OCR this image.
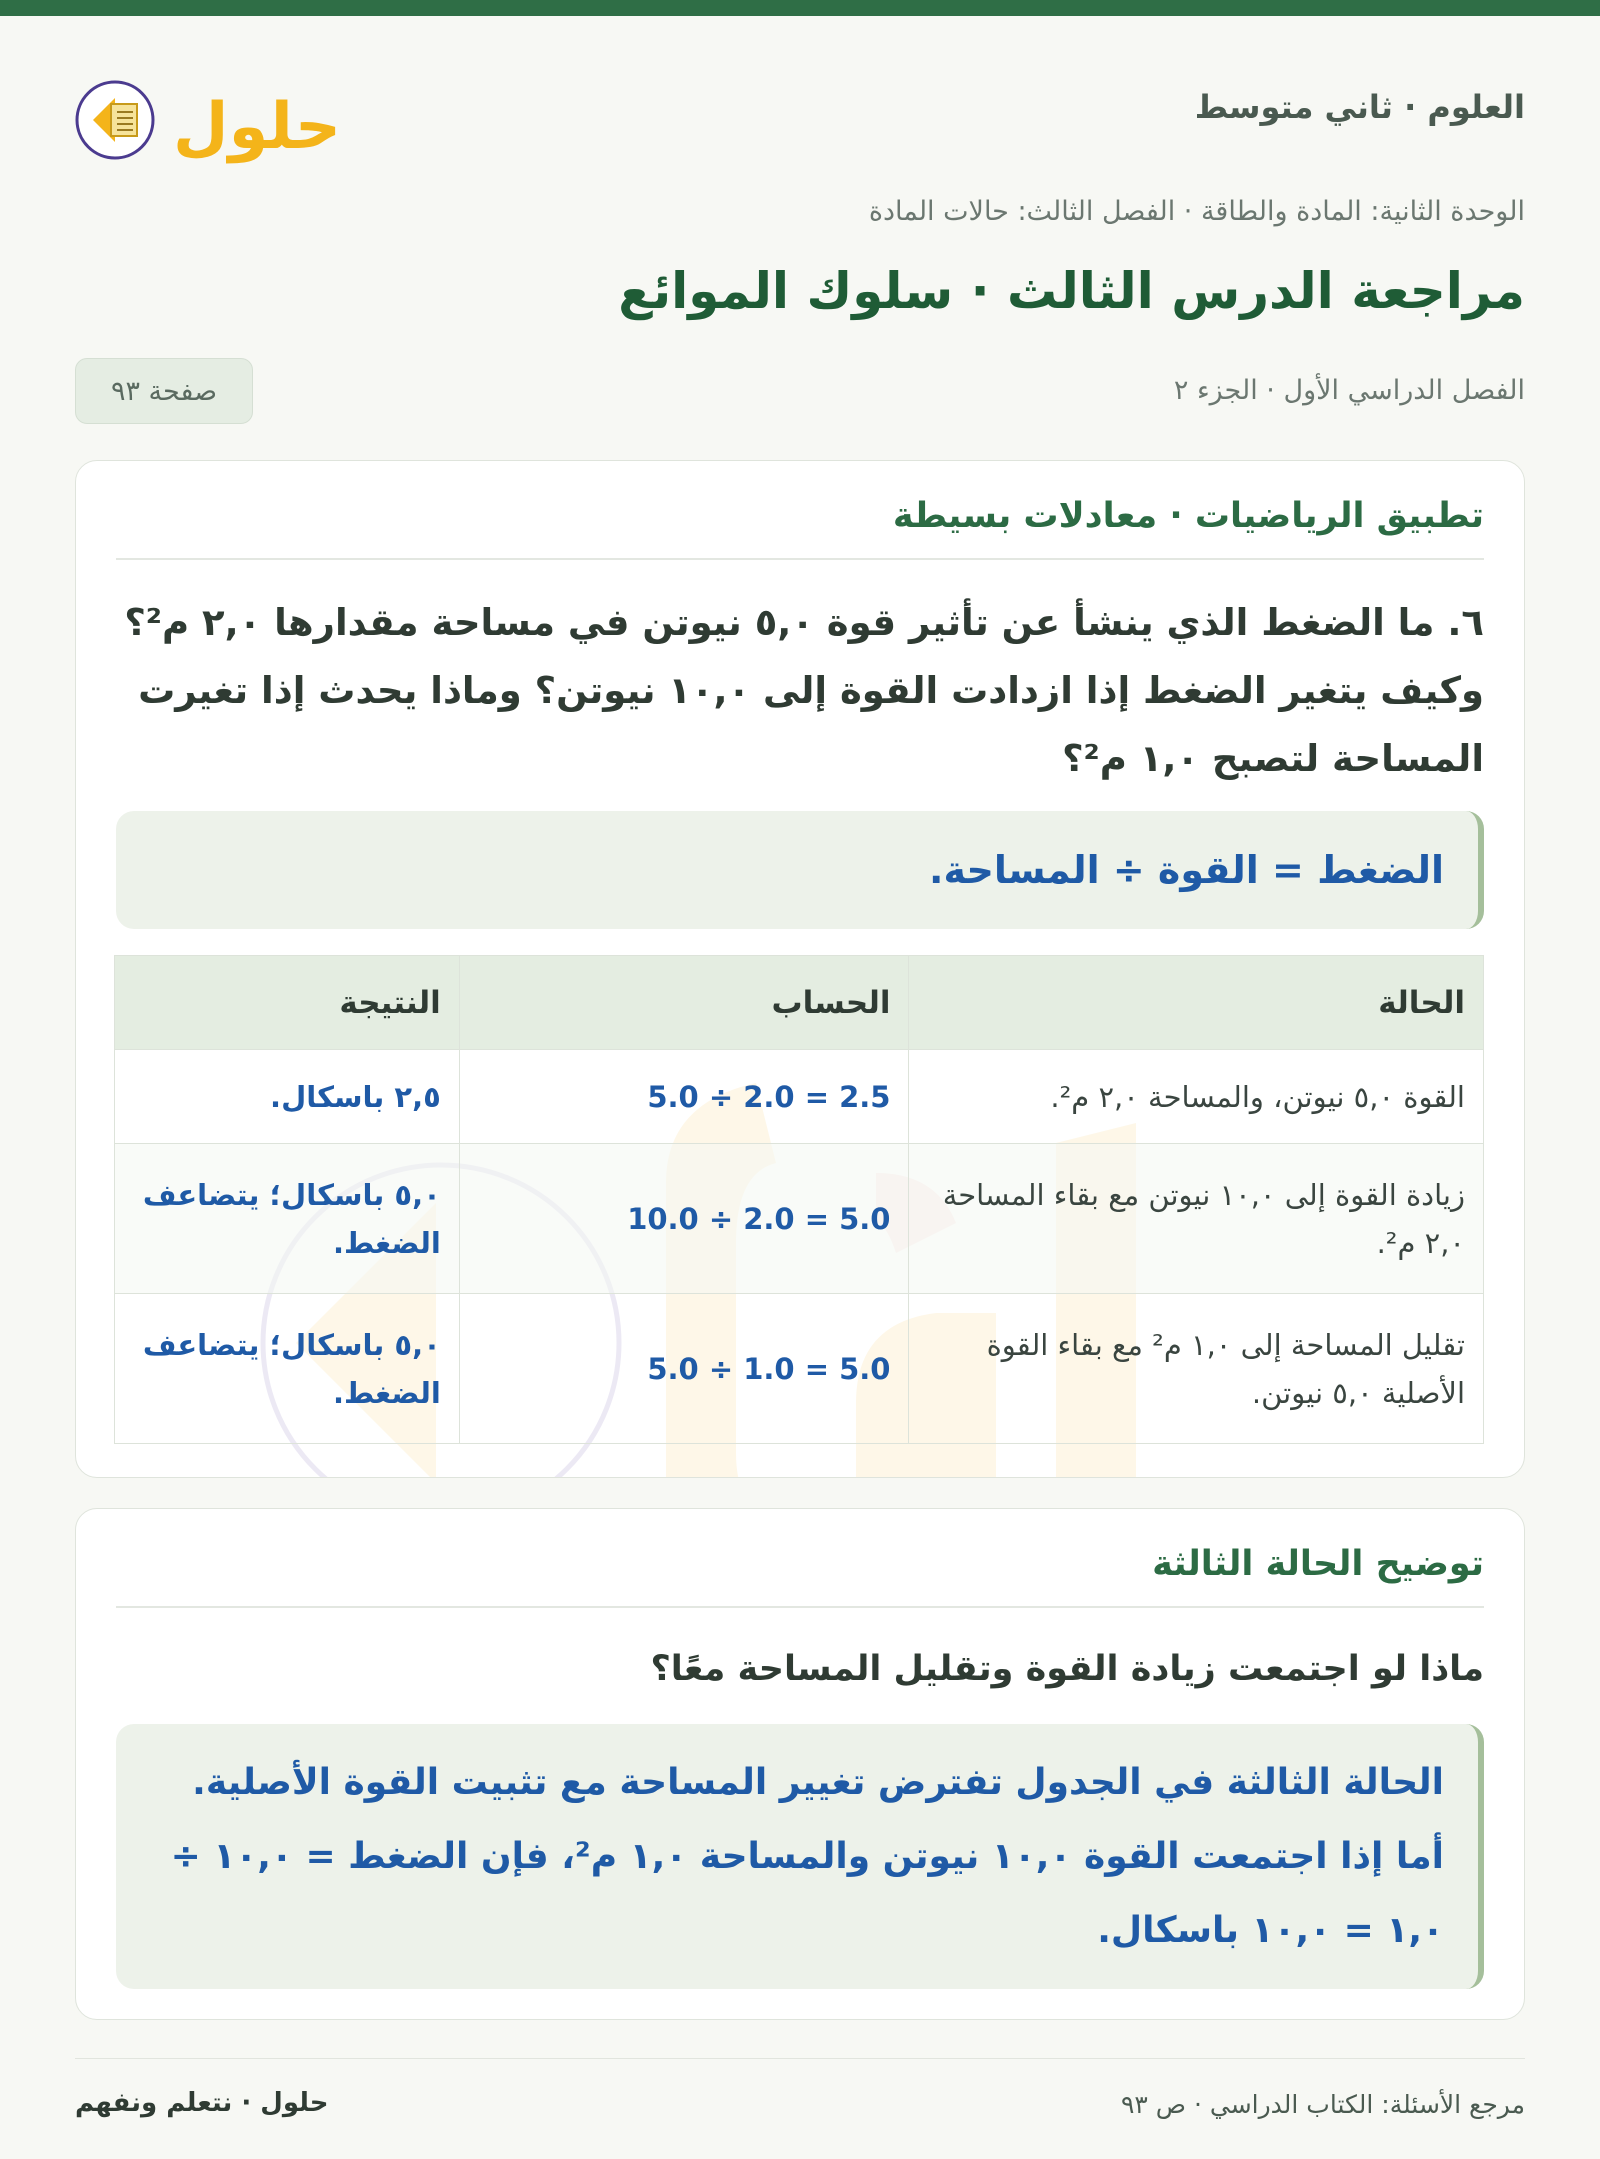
العلوم · ثاني متوسط
حلول
الوحدة الثانية: المادة والطاقة · الفصل الثالث: حالات المادة
مراجعة الدرس الثالث · سلوك الموائع
الفصل الدراسي الأول · الجزء ٢
صفحة ٩٣
تطبيق الرياضيات · معادلات بسيطة
٦. ما الضغط الذي ينشأ عن تأثير قوة ٥,٠ نيوتن في مساحة مقدارها ٢,٠ م²؟ وكيف يتغير الضغط إذا ازدادت القوة إلى ١٠,٠ نيوتن؟ وماذا يحدث إذا تغيرت المساحة لتصبح ١,٠ م²؟
الضغط = القوة ÷ المساحة.
الحالة	الحساب	النتيجة
القوة ٥,٠ نيوتن، والمساحة ٢,٠ م².	5.0 ÷ 2.0 = 2.5	٢,٥ باسكال.
زيادة القوة إلى ١٠,٠ نيوتن مع بقاء المساحة ٢,٠ م².	10.0 ÷ 2.0 = 5.0	٥,٠ باسكال؛ يتضاعف الضغط.
تقليل المساحة إلى ١,٠ م² مع بقاء القوة الأصلية ٥,٠ نيوتن.	5.0 ÷ 1.0 = 5.0	٥,٠ باسكال؛ يتضاعف الضغط.
توضيح الحالة الثالثة
ماذا لو اجتمعت زيادة القوة وتقليل المساحة معًا؟
الحالة الثالثة في الجدول تفترض تغيير المساحة مع تثبيت القوة الأصلية. أما إذا اجتمعت القوة ١٠,٠ نيوتن والمساحة ١,٠ م²، فإن الضغط = ١٠,٠ ÷ ١,٠ = ١٠,٠ باسكال.
مرجع الأسئلة: الكتاب الدراسي · ص ٩٣
حلول · نتعلم ونفهم
